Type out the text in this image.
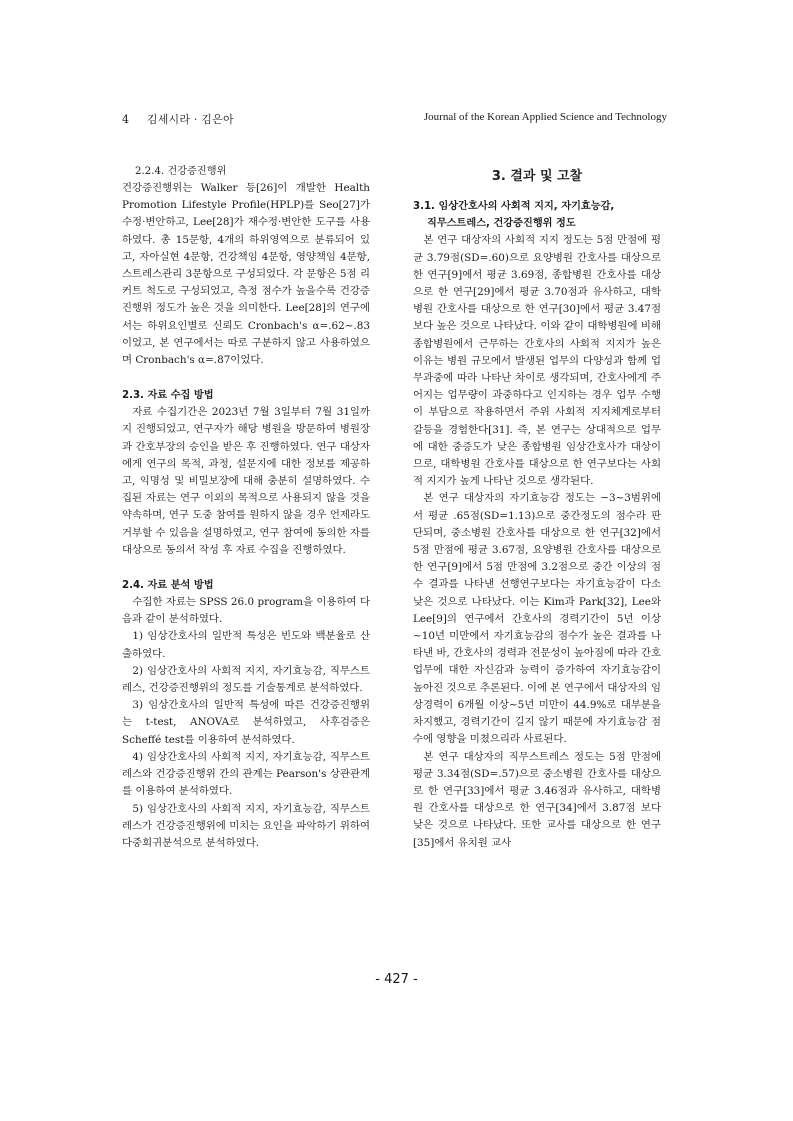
4 김세시라 · 김은아	Journal of the Korean Applied Science and Technology
2.2.4. 건강증진행위

건강증진행위는 Walker 등[26]이 개발한 Health Promotion Lifestyle Profile(HPLP)를 Seo[27]가 수정·변안하고, Lee[28]가 재수정·변안한 도구를 사용하였다. 총 15문항, 4개의 하위영역으로 분류되어 있고, 자아실현 4문항, 건강책임 4문항, 영양책임 4문항, 스트레스관리 3문항으로 구성되었다. 각 문항은 5점 리커트 척도로 구성되었고, 측정 점수가 높을수록 건강증진행위 정도가 높은 것을 의미한다. Lee[28]의 연구에서는 하위요인별로 신뢰도 Cronbach's α=.62∼.83이었고, 본 연구에서는 따로 구분하지 않고 사용하였으며 Cronbach's α=.87이었다.

2.3. 자료 수집 방법

자료 수집기간은 2023년 7월 3일부터 7월 31일까지 진행되었고, 연구자가 해당 병원을 방문하여 병원장과 간호부장의 승인을 받은 후 진행하였다. 연구 대상자에게 연구의 목적, 과정, 설문지에 대한 정보를 제공하고, 익명성 및 비밀보장에 대해 충분히 설명하였다. 수집된 자료는 연구 이외의 목적으로 사용되지 않을 것을 약속하며, 연구 도중 참여를 원하지 않을 경우 언제라도 거부할 수 있음을 설명하였고, 연구 참여에 동의한 자를 대상으로 동의서 작성 후 자료 수집을 진행하였다.

2.4. 자료 분석 방법

수집한 자료는 SPSS 26.0 program을 이용하여 다음과 같이 분석하였다.

1) 임상간호사의 일반적 특성은 빈도와 백분율로 산출하였다.

2) 임상간호사의 사회적 지지, 자기효능감, 직무스트레스, 건강증진행위의 정도를 기술통계로 분석하였다.

3) 임상간호사의 일반적 특성에 따른 건강증진행위는 t-test, ANOVA로 분석하였고, 사후검증은 Scheffé test를 이용하여 분석하였다.

4) 임상간호사의 사회적 지지, 자기효능감, 직무스트레스와 건강증진행위 간의 관계는 Pearson's 상관관계를 이용하여 분석하였다.

5) 임상간호사의 사회적 지지, 자기효능감, 직무스트레스가 건강증진행위에 미치는 요인을 파악하기 위하여 다중회귀분석으로 분석하였다.

3. 결과 및 고찰
3.1. 임상간호사의 사회적 지지, 자기효능감,
직무스트레스, 건강증진행위 정도

본 연구 대상자의 사회적 지지 정도는 5점 만점에 평균 3.79점(SD=.60)으로 요양병원 간호사를 대상으로 한 연구[9]에서 평균 3.69점, 종합병원 간호사를 대상으로 한 연구[29]에서 평균 3.70점과 유사하고, 대학병원 간호사를 대상으로 한 연구[30]에서 평균 3.47점 보다 높은 것으로 나타났다. 이와 같이 대학병원에 비해 종합병원에서 근무하는 간호사의 사회적 지지가 높은 이유는 병원 규모에서 발생된 업무의 다양성과 함께 업무과중에 따라 나타난 차이로 생각되며, 간호사에게 주어지는 업무량이 과중하다고 인지하는 경우 업무 수행이 부담으로 작용하면서 주위 사회적 지지체계로부터 갈등을 경험한다[31]. 즉, 본 연구는 상대적으로 업무에 대한 중증도가 낮은 종합병원 임상간호사가 대상이므로, 대학병원 간호사를 대상으로 한 연구보다는 사회적 지지가 높게 나타난 것으로 생각된다.

본 연구 대상자의 자기효능감 정도는 −3∼3범위에서 평균 .65점(SD=1.13)으로 중간정도의 점수라 판단되며, 중소병원 간호사를 대상으로 한 연구[32]에서 5점 만점에 평균 3.67점, 요양병원 간호사를 대상으로 한 연구[9]에서 5점 만점에 3.2점으로 중간 이상의 점수 결과를 나타낸 선행연구보다는 자기효능감이 다소 낮은 것으로 나타났다. 이는 Kim과 Park[32], Lee와 Lee[9]의 연구에서 간호사의 경력기간이 5년 이상∼10년 미만에서 자기효능감의 점수가 높은 결과를 나타낸 바, 간호사의 경력과 전문성이 높아짐에 따라 간호업무에 대한 자신감과 능력이 증가하여 자기효능감이 높아진 것으로 추론된다. 이에 본 연구에서 대상자의 임상경력이 6개월 이상∼5년 미만이 44.9%로 대부분을 차지했고, 경력기간이 길지 않기 때문에 자기효능감 점수에 영향을 미쳤으리라 사료된다.

본 연구 대상자의 직무스트레스 정도는 5점 만점에 평균 3.34점(SD=.57)으로 중소병원 간호사를 대상으로 한 연구[33]에서 평균 3.46점과 유사하고, 대학병원 간호사를 대상으로 한 연구[34]에서 3.87점 보다 낮은 것으로 나타났다. 또한 교사를 대상으로 한 연구[35]에서 유치원 교사

- 427 -
